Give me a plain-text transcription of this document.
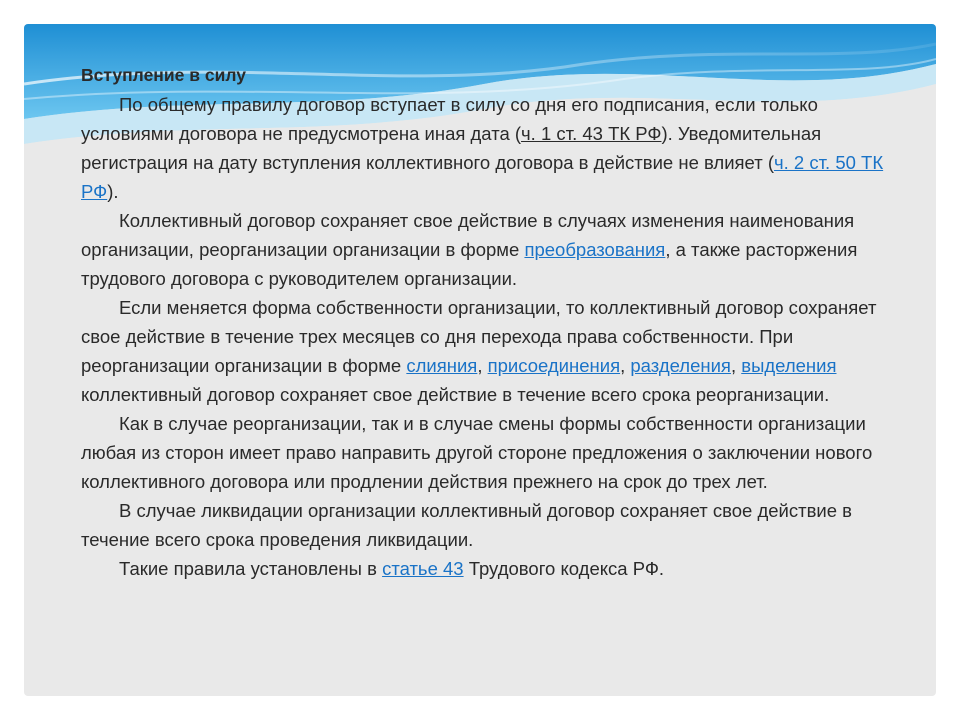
Вступление в силу

По общему правилу договор вступает в силу со дня его подписания, если только условиями договора не предусмотрена иная дата (ч. 1 ст. 43 ТК РФ). Уведомительная регистрация на дату вступления коллективного договора в действие не влияет (ч. 2 ст. 50 ТК РФ).

Коллективный договор сохраняет свое действие в случаях изменения наименования организации, реорганизации организации в форме преобразования, а также расторжения трудового договора с руководителем организации.

Если меняется форма собственности организации, то коллективный договор сохраняет свое действие в течение трех месяцев со дня перехода права собственности. При реорганизации организации в форме слияния, присоединения, разделения, выделения коллективный договор сохраняет свое действие в течение всего срока реорганизации.

Как в случае реорганизации, так и в случае смены формы собственности организации любая из сторон имеет право направить другой стороне предложения о заключении нового коллективного договора или продлении действия прежнего на срок до трех лет.

В случае ликвидации организации коллективный договор сохраняет свое действие в течение всего срока проведения ликвидации.

Такие правила установлены в статье 43 Трудового кодекса РФ.
